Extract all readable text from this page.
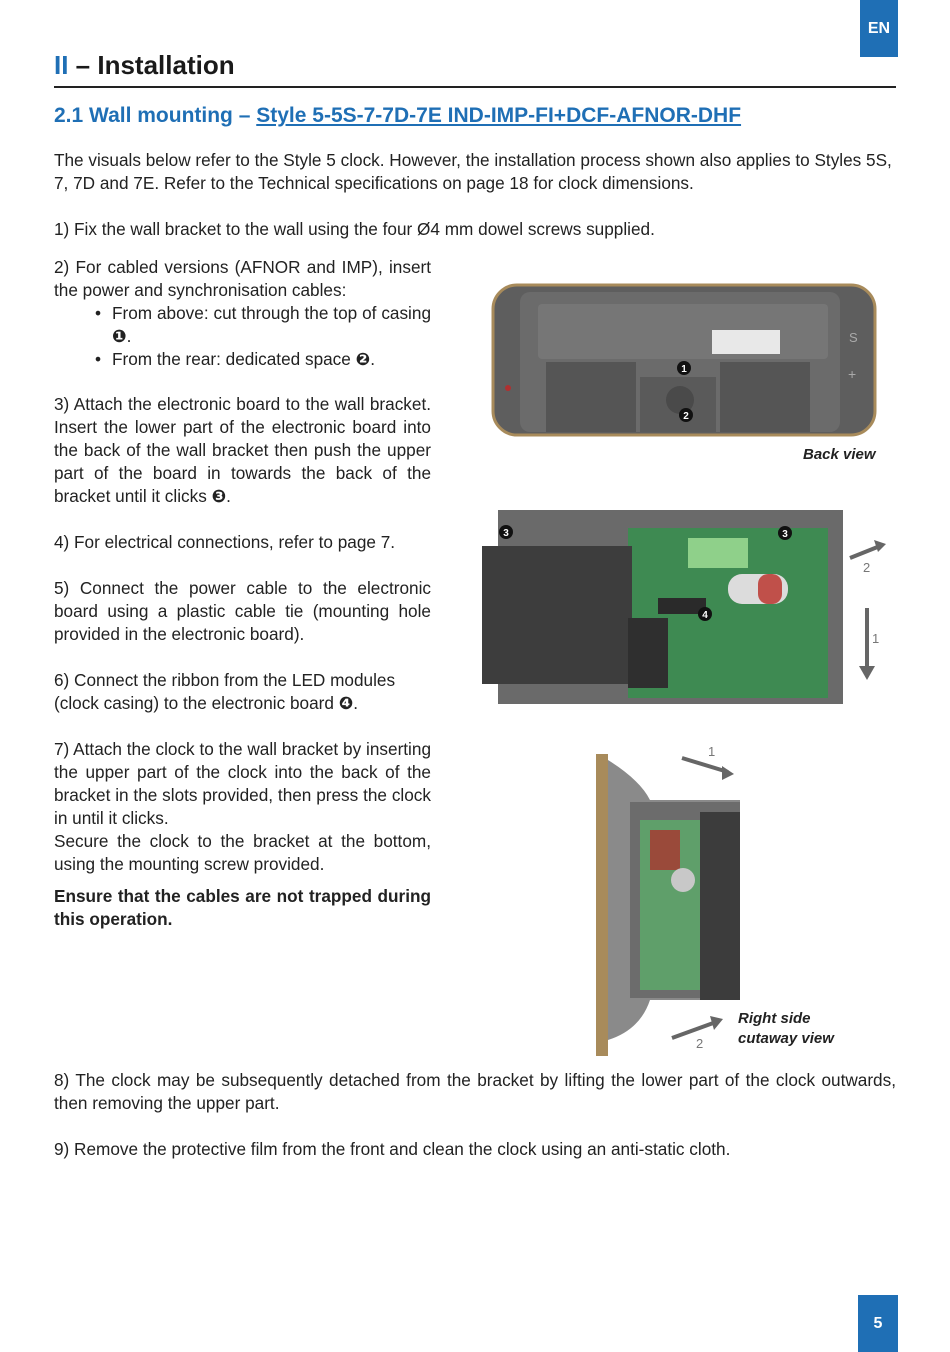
EN
II – Installation
2.1 Wall mounting – Style 5-5S-7-7D-7E IND-IMP-FI+DCF-AFNOR-DHF
The visuals below refer to the Style 5 clock. However, the installation process shown also applies to Styles 5S, 7, 7D and 7E. Refer to the Technical specifications on page 18 for clock dimensions.
1) Fix the wall bracket to the wall using the four Ø4 mm dowel screws supplied.
2) For cabled versions (AFNOR and IMP), insert the power and synchronisation cables:
• From above: cut through the top of casing ❶.
• From the rear: dedicated space ❷.
3) Attach the electronic board to the wall bracket. Insert the lower part of the electronic board into the back of the wall bracket then push the upper part of the board in towards the back of the bracket until it clicks ❸.
4) For electrical connections, refer to page 7.
5) Connect the power cable to the electronic board using a plastic cable tie (mounting hole provided in the electronic board).
6) Connect the ribbon from the LED modules (clock casing) to the electronic board ❹.
7) Attach the clock to the wall bracket by inserting the upper part of the clock into the back of the bracket in the slots provided, then press the clock in until it clicks.
Secure the clock to the bracket at the bottom, using the mounting screw provided.
Ensure that the cables are not trapped during this operation.
S
+
1
2
Back view
3	3
4
2
1
1
2
Right side
cutaway view
8) The clock may be subsequently detached from the bracket by lifting the lower part of the clock outwards, then removing the upper part.
9) Remove the protective film from the front and clean the clock using an anti-static cloth.
5
